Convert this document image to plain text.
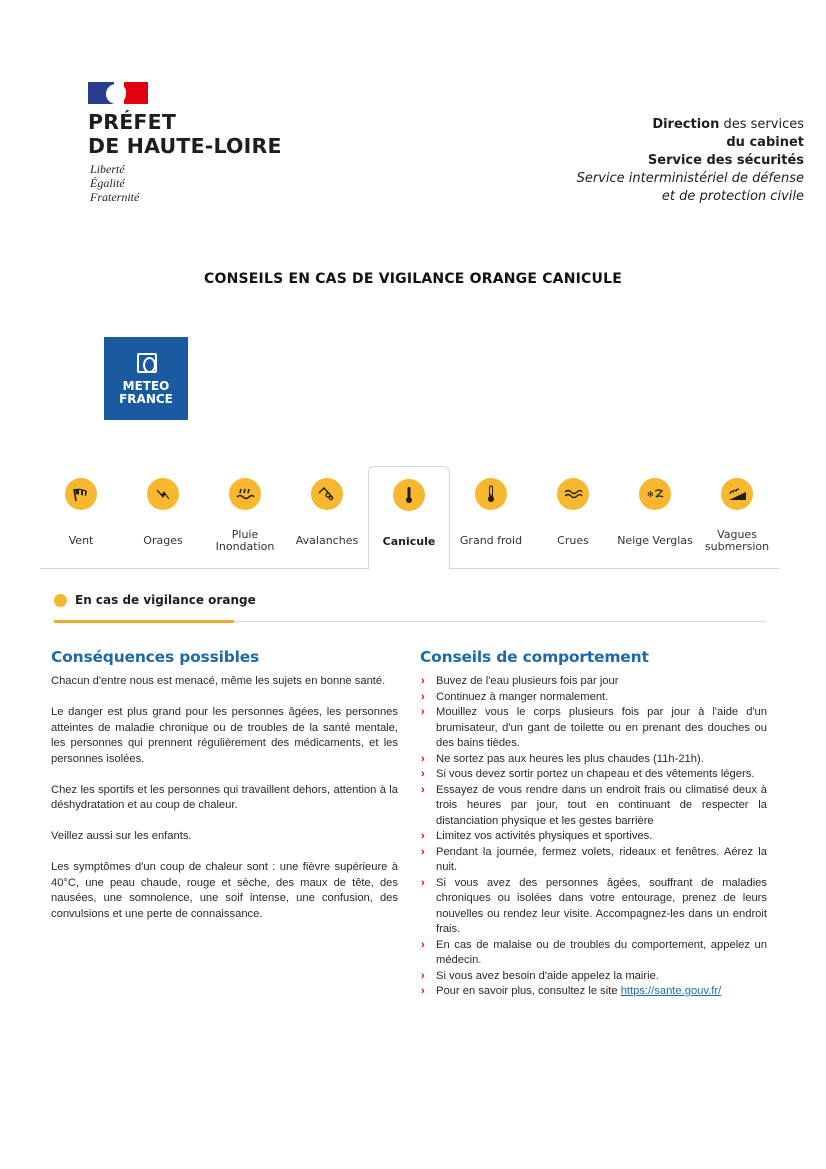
PRÉFET
DE HAUTE-LOIRE
Liberté
Égalité
Fraternité
Direction des services
du cabinet
Service des sécurités
Service interministériel de défense
et de protection civile
CONSEILS EN CAS DE VIGILANCE ORANGE CANICULE
METEO
FRANCE
Vent	Orages	Pluie
Inondation	Avalanches	Canicule	Grand froid	Crues
✻
Neige Verglas	Vagues
submersion
En cas de vigilance orange
Conséquences possibles

Chacun d'entre nous est menacé, même les sujets en bonne santé.

Le danger est plus grand pour les personnes âgées, les personnes atteintes de maladie chronique ou de troubles de la santé mentale, les personnes qui prennent régulièrement des médicaments, et les personnes isolées.

Chez les sportifs et les personnes qui travaillent dehors, attention à la déshydratation et au coup de chaleur.

Veillez aussi sur les enfants.

Les symptômes d'un coup de chaleur sont : une fièvre supérieure à 40°C, une peau chaude, rouge et sèche, des maux de tête, des nausées, une somnolence, une soif intense, une confusion, des convulsions et une perte de connaissance.

Conseils de comportement
› Buvez de l'eau plusieurs fois par jour
› Continuez à manger normalement.
› Mouillez vous le corps plusieurs fois par jour à l'aide d'un brumisateur, d'un gant de toilette ou en prenant des douches ou des bains tièdes.
› Ne sortez pas aux heures les plus chaudes (11h-21h).
› Si vous devez sortir portez un chapeau et des vêtements légers.
› Essayez de vous rendre dans un endroit frais ou climatisé deux à trois heures par jour, tout en continuant de respecter la distanciation physique et les gestes barrière
› Limitez vos activités physiques et sportives.
› Pendant la journée, fermez volets, rideaux et fenêtres. Aérez la nuit.
› Si vous avez des personnes âgées, souffrant de maladies chroniques ou isolées dans votre entourage, prenez de leurs nouvelles ou rendez leur visite. Accompagnez-les dans un endroit frais.
› En cas de malaise ou de troubles du comportement, appelez un médecin.
› Si vous avez besoin d'aide appelez la mairie.
› Pour en savoir plus, consultez le site https://sante.gouv.fr/
